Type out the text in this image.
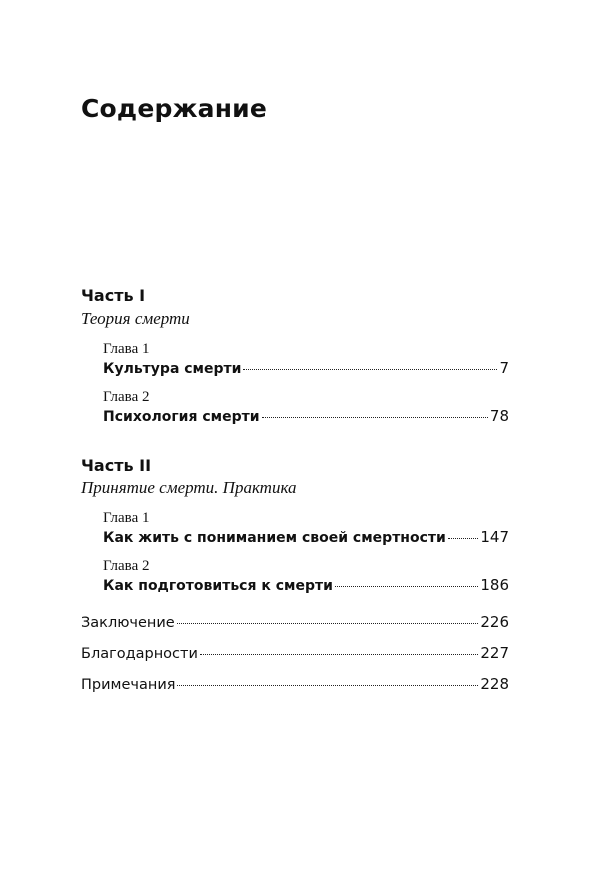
Содержание
Часть I
Теория смерти
Глава 1
Культура смерти	7
Глава 2
Психология смерти	78
Часть II
Принятие смерти. Практика
Глава 1
Как жить с пониманием своей смертности 147
Глава 2
Как подготовиться к смерти	186
Заключение	226
Благодарности	227
Примечания	228
